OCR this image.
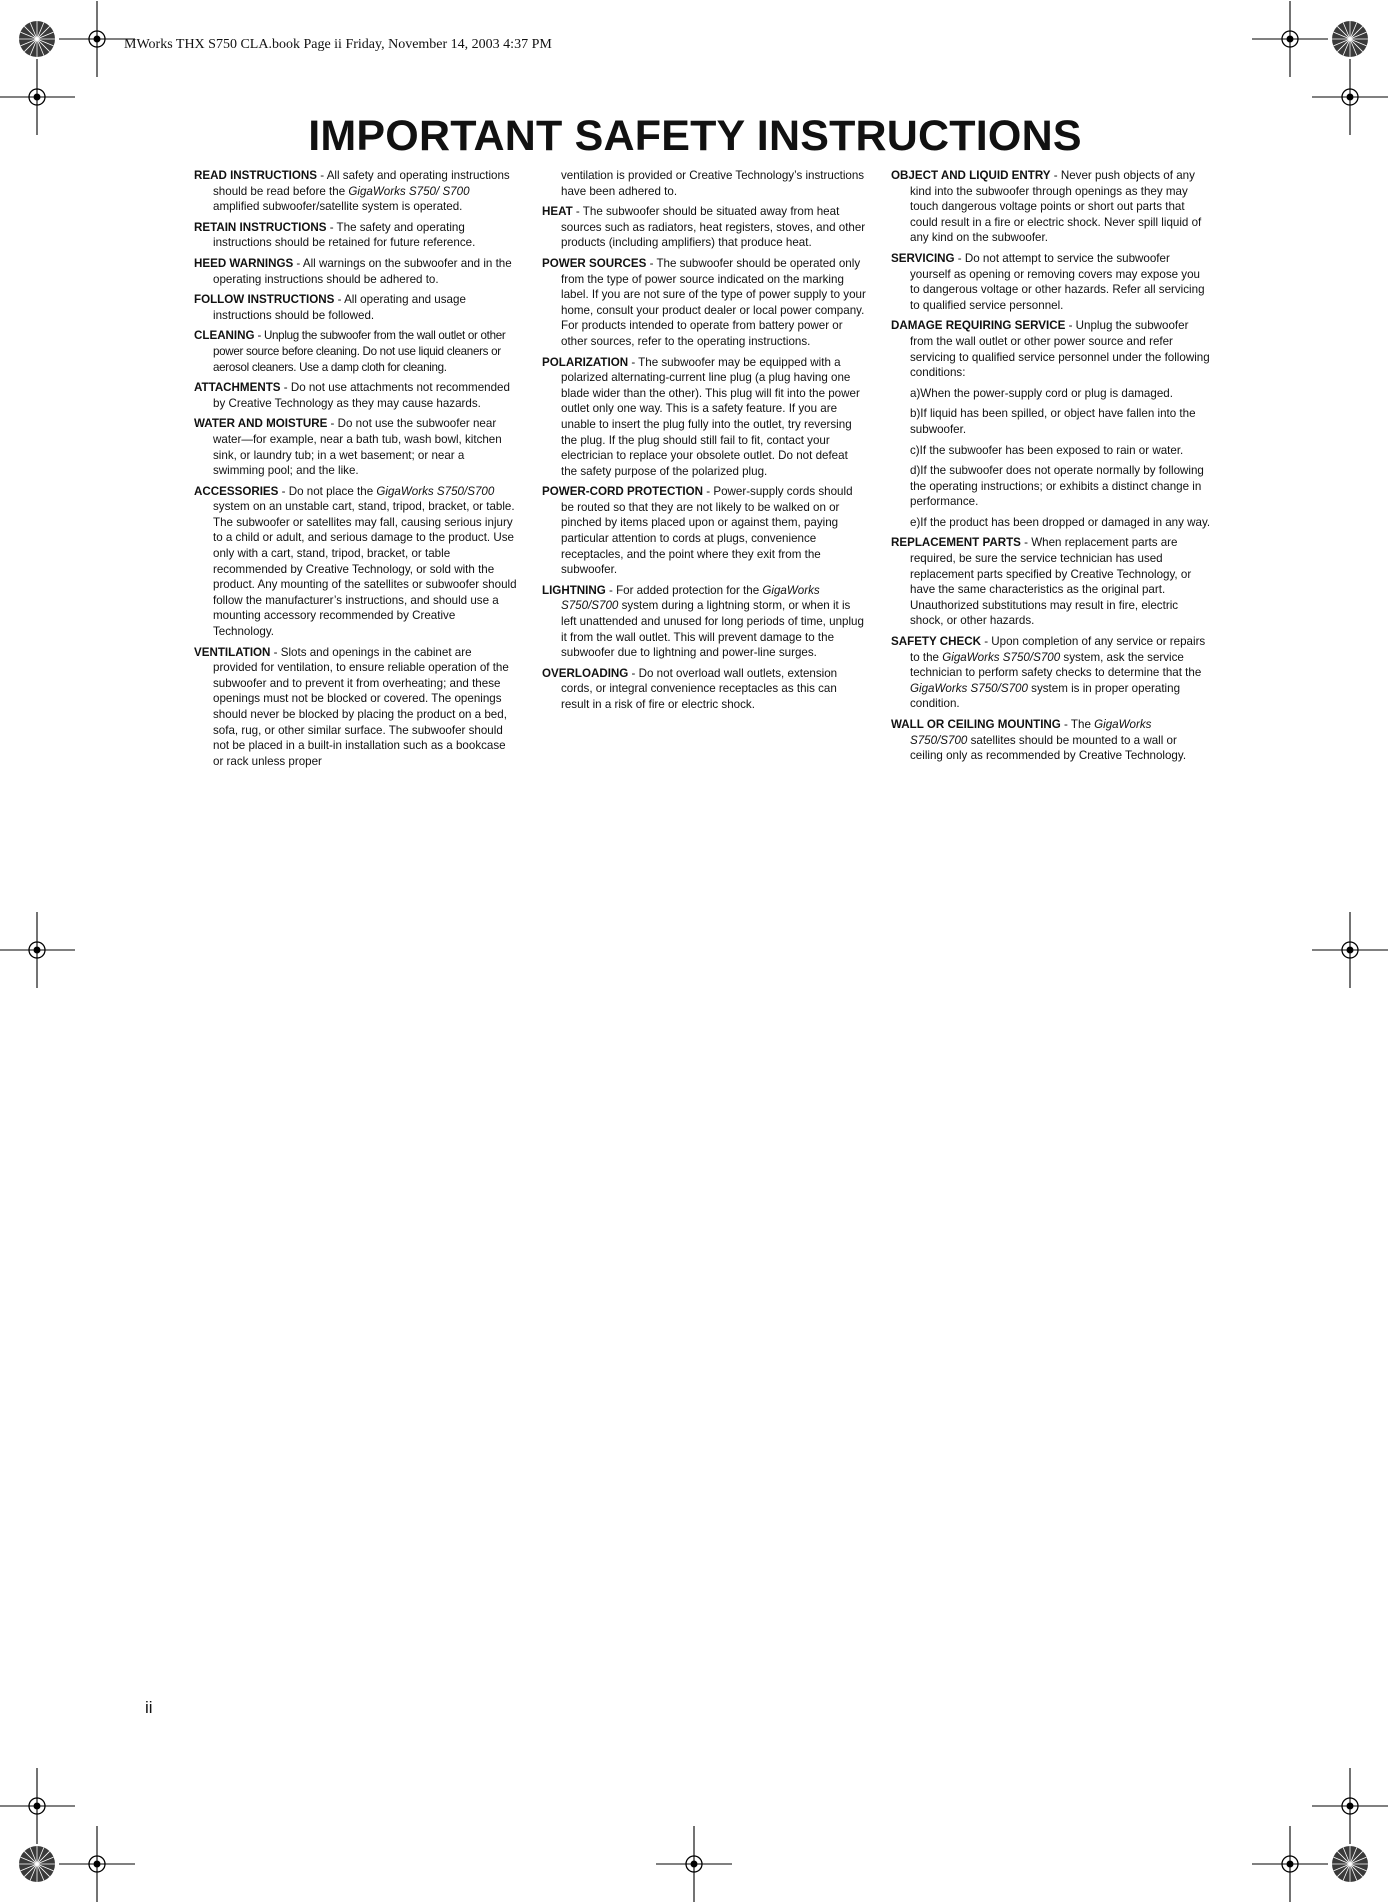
MWorks THX S750 CLA.book Page ii Friday, November 14, 2003 4:37 PM
IMPORTANT SAFETY INSTRUCTIONS

READ INSTRUCTIONS - All safety and operating instructions should be read before the GigaWorks S750/ S700 amplified subwoofer/satellite system is operated.

RETAIN INSTRUCTIONS - The safety and operating instructions should be retained for future reference.

HEED WARNINGS - All warnings on the subwoofer and in the operating instructions should be adhered to.

FOLLOW INSTRUCTIONS - All operating and usage instructions should be followed.

CLEANING - Unplug the subwoofer from the wall outlet or other power source before cleaning. Do not use liquid cleaners or aerosol cleaners. Use a damp cloth for cleaning.

ATTACHMENTS - Do not use attachments not recommended by Creative Technology as they may cause hazards.

WATER AND MOISTURE - Do not use the subwoofer near water—for example, near a bath tub, wash bowl, kitchen sink, or laundry tub; in a wet basement; or near a swimming pool; and the like.

ACCESSORIES - Do not place the GigaWorks S750/S700 system on an unstable cart, stand, tripod, bracket, or table. The subwoofer or satellites may fall, causing serious injury to a child or adult, and serious damage to the product. Use only with a cart, stand, tripod, bracket, or table recommended by Creative Technology, or sold with the product. Any mounting of the satellites or subwoofer should follow the manufacturer’s instructions, and should use a mounting accessory recommended by Creative Technology.

VENTILATION - Slots and openings in the cabinet are provided for ventilation, to ensure reliable operation of the subwoofer and to prevent it from overheating; and these openings must not be blocked or covered. The openings should never be blocked by placing the product on a bed, sofa, rug, or other similar surface. The subwoofer should not be placed in a built-in installation such as a bookcase or rack unless proper

ventilation is provided or Creative Technology’s instructions have been adhered to.

HEAT - The subwoofer should be situated away from heat sources such as radiators, heat registers, stoves, and other products (including amplifiers) that produce heat.

POWER SOURCES - The subwoofer should be operated only from the type of power source indicated on the marking label. If you are not sure of the type of power supply to your home, consult your product dealer or local power company. For products intended to operate from battery power or other sources, refer to the operating instructions.

POLARIZATION - The subwoofer may be equipped with a polarized alternating-current line plug (a plug having one blade wider than the other). This plug will fit into the power outlet only one way. This is a safety feature. If you are unable to insert the plug fully into the outlet, try reversing the plug. If the plug should still fail to fit, contact your electrician to replace your obsolete outlet. Do not defeat the safety purpose of the polarized plug.

POWER-CORD PROTECTION - Power-supply cords should be routed so that they are not likely to be walked on or pinched by items placed upon or against them, paying particular attention to cords at plugs, convenience receptacles, and the point where they exit from the subwoofer.

LIGHTNING - For added protection for the GigaWorks S750/S700 system during a lightning storm, or when it is left unattended and unused for long periods of time, unplug it from the wall outlet. This will prevent damage to the subwoofer due to lightning and power-line surges.

OVERLOADING - Do not overload wall outlets, extension cords, or integral convenience receptacles as this can result in a risk of fire or electric shock.

OBJECT AND LIQUID ENTRY - Never push objects of any kind into the subwoofer through openings as they may touch dangerous voltage points or short out parts that could result in a fire or electric shock. Never spill liquid of any kind on the subwoofer.

SERVICING - Do not attempt to service the subwoofer yourself as opening or removing covers may expose you to dangerous voltage or other hazards. Refer all servicing to qualified service personnel.

DAMAGE REQUIRING SERVICE - Unplug the subwoofer from the wall outlet or other power source and refer servicing to qualified service personnel under the following conditions:

a)When the power-supply cord or plug is damaged.

b)If liquid has been spilled, or object have fallen into the subwoofer.

c)If the subwoofer has been exposed to rain or water.

d)If the subwoofer does not operate normally by following the operating instructions; or exhibits a distinct change in performance.

e)If the product has been dropped or damaged in any way.

REPLACEMENT PARTS - When replacement parts are required, be sure the service technician has used replacement parts specified by Creative Technology, or have the same characteristics as the original part. Unauthorized substitutions may result in fire, electric shock, or other hazards.

SAFETY CHECK - Upon completion of any service or repairs to the GigaWorks S750/S700 system, ask the service technician to perform safety checks to determine that the GigaWorks S750/S700 system is in proper operating condition.

WALL OR CEILING MOUNTING - The GigaWorks S750/S700 satellites should be mounted to a wall or ceiling only as recommended by Creative Technology.

ii
